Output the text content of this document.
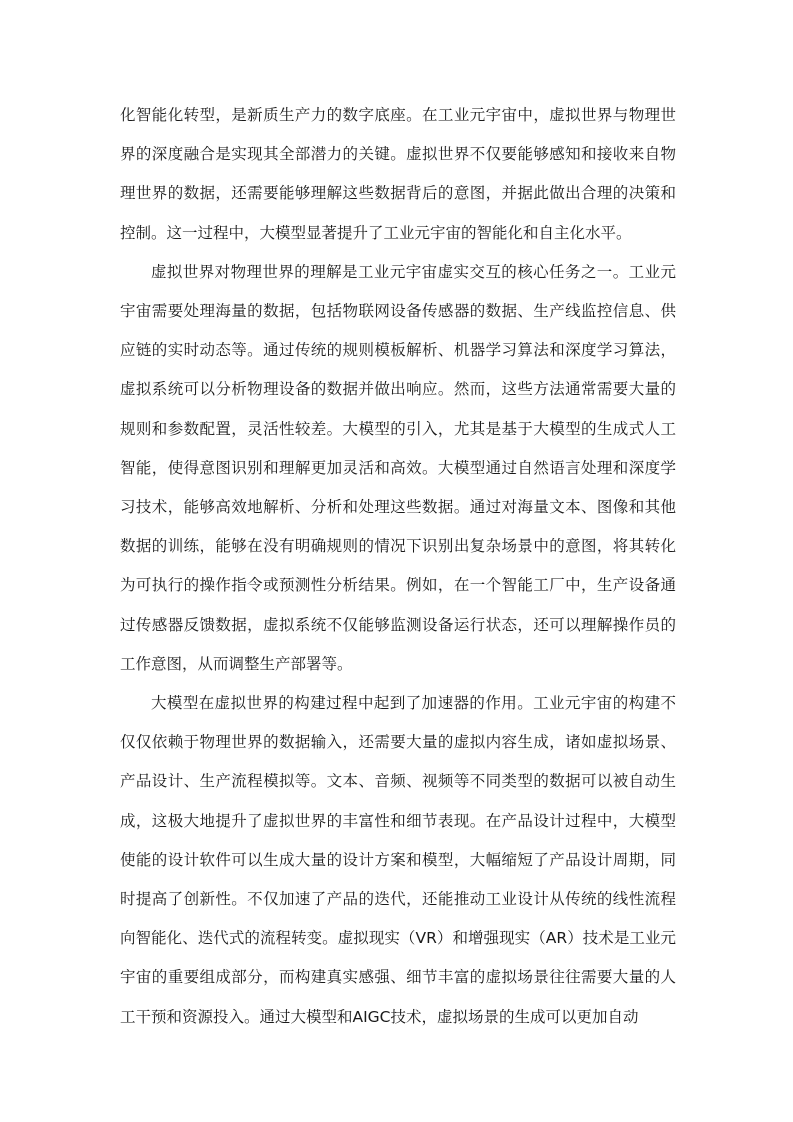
化智能化转型，是新质生产力的数字底座。在工业元宇宙中，虚拟世界与物理世界的深度融合是实现其全部潜力的关键。虚拟世界不仅要能够感知和接收来自物理世界的数据，还需要能够理解这些数据背后的意图，并据此做出合理的决策和控制。这一过程中，大模型显著提升了工业元宇宙的智能化和自主化水平。

虚拟世界对物理世界的理解是工业元宇宙虚实交互的核心任务之一。工业元宇宙需要处理海量的数据，包括物联网设备传感器的数据、生产线监控信息、供应链的实时动态等。通过传统的规则模板解析、机器学习算法和深度学习算法，虚拟系统可以分析物理设备的数据并做出响应。然而，这些方法通常需要大量的规则和参数配置，灵活性较差。大模型的引入，尤其是基于大模型的生成式人工智能，使得意图识别和理解更加灵活和高效。大模型通过自然语言处理和深度学习技术，能够高效地解析、分析和处理这些数据。通过对海量文本、图像和其他数据的训练，能够在没有明确规则的情况下识别出复杂场景中的意图，将其转化为可执行的操作指令或预测性分析结果。例如，在一个智能工厂中，生产设备通过传感器反馈数据，虚拟系统不仅能够监测设备运行状态，还可以理解操作员的工作意图，从而调整生产部署等。

大模型在虚拟世界的构建过程中起到了加速器的作用。工业元宇宙的构建不仅仅依赖于物理世界的数据输入，还需要大量的虚拟内容生成，诸如虚拟场景、产品设计、生产流程模拟等。文本、音频、视频等不同类型的数据可以被自动生成，这极大地提升了虚拟世界的丰富性和细节表现。在产品设计过程中，大模型使能的设计软件可以生成大量的设计方案和模型，大幅缩短了产品设计周期，同时提高了创新性。不仅加速了产品的迭代，还能推动工业设计从传统的线性流程向智能化、迭代式的流程转变。虚拟现实（VR）和增强现实（AR）技术是工业元宇宙的重要组成部分，而构建真实感强、细节丰富的虚拟场景往往需要大量的人工干预和资源投入。通过大模型和AIGC技术，虚拟场景的生成可以更加自动
